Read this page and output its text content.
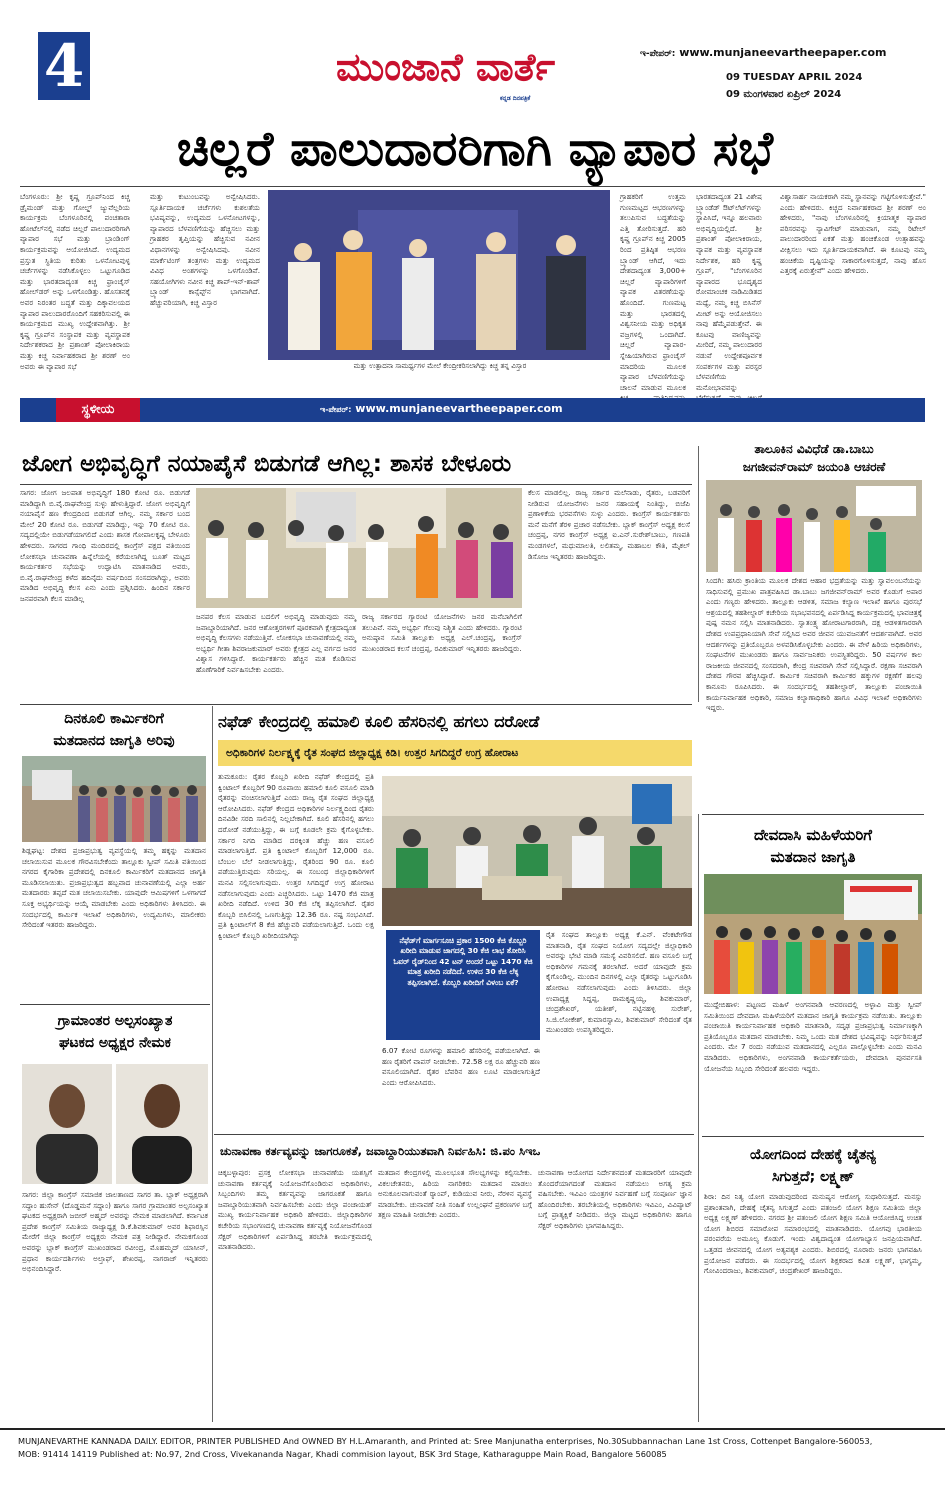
4	ಮುಂಜಾನೆ ವಾರ್ತೆ
ಕನ್ನಡ ದಿನಪತ್ರಿಕೆ
ಇ-ಪೇಪರ್: www.munjaneevartheepaper.com
09 TUESDAY APRIL 2024
09 ಮಂಗಳವಾರ ಏಪ್ರಿಲ್ 2024
ಚಿಲ್ಲರೆ ಪಾಲುದಾರರಿಗಾಗಿ ವ್ಯಾಪಾರ ಸಭೆ
ಬೆಂಗಳೂರು: ಶ್ರೀ ಕೃಷ್ಣ ಗ್ರೂಪ್‌ನಿಂದ ಕಿಚ್ಚ ಡ್ರೈಮಂಡ್ ಮತ್ತು ಗೋಲ್ಡ್ ಜ್ಯುವೆಲ್ಲರಿಯ ಕಾರ್ಯಕ್ರಮ ಬೆಂಗಳೂರಿನಲ್ಲಿ ಪಂಚತಾರಾ ಹೋಟೆಲ್‌ನಲ್ಲಿ ನಡೆದ ಚಿಲ್ಲರೆ ಪಾಲುದಾರರಿಗಾಗಿ ವ್ಯಾಪಾರ ಸಭೆ ಮತ್ತು ಬ್ರಾಂಡಿಂಗ್ ಕಾರ್ಯಕ್ರಮವನ್ನು ಆಯೋಜಿಸಿದೆ. ಉದ್ಯಮದ ಪ್ರಸ್ತುತ ಸ್ಥಿತಿಯ ಕುರಿತು ಒಳನೋಟವುಳ್ಳ ಚರ್ಚೆಗಳನ್ನು ನಡೆಸಿಕೊಳ್ಳಲು ಒಟ್ಟುಗೂಡಿದ ಮತ್ತು ಭಾರತದಾದ್ಯಂತ ಕಿಚ್ಚ ಫ್ರಾಂಚೈಸ್ ಹೋಲ್‌ಡರ್ ಅನ್ನು ಒಳಗೊಂಡಿತ್ತು. ಹೊಸತನಕ್ಕೆ ಅವರ ನಿರಂತರ ಬದ್ಧತೆ ಮತ್ತು ದಿಕ್ಕಾವಲಯದ ವ್ಯಾಪಾರ ಪಾಲುದಾರರೊಂದಿಗೆ ಸಹಕರಿಸುವಲ್ಲಿ ಈ ಕಾರ್ಯಕ್ರಮದ ಮುಖ್ಯ ಉದ್ದೇಶವಾಗಿತ್ತು. ಶ್ರೀ ಕೃಷ್ಣ ಗ್ರೂಪ್‌ನ ಸಂಸ್ಥಾಪಕ ಮತ್ತು ವ್ಯವಸ್ಥಾಪಕ ನಿರ್ದೇಶಕರಾದ ಶ್ರೀ ಪ್ರಶಾಂತ್ ಪೋಲಾಕಿರಾಯ ಮತ್ತು ಕಿಚ್ಚ ನಿರ್ವಾಹಕರಾದ ಶ್ರೀ ಶರಣ್ ಅಂ ಅವರು ಈ ವ್ಯಾಪಾರ ಸಭೆ
ಮತ್ತು ಕುಟುಂಬವನ್ನು ಅನ್ವೇಷಿಸಿದರು. ಸ್ಪೂರ್ತಿದಾಯಕ ಚರ್ಚೆಗಳು ಕುಶಲತೆಯ ಭವಿಷ್ಯವನ್ನು, ಉದ್ಯಮದ ಒಳನೋಟಗಳನ್ನು, ವ್ಯಾಪಾರದ ಬೆಳವಣಿಗೆಯನ್ನು ಹೆಚ್ಚಿಸಲು ಮತ್ತು ಗ್ರಾಹಕರ ತೃಪ್ತಿಯನ್ನು ಹೆಚ್ಚಿಸುವ ನವೀನ ವಿಧಾನಗಳನ್ನು ಅನ್ವೇಷಿಸಿದವು. ನವೀನ ಮಾರ್ಕೆಟಿಂಗ್ ತಂತ್ರಗಳು ಮತ್ತು ಉದ್ಯಮದ ವಿವಿಧ ಅಂಶಗಳನ್ನು ಒಳಗೊಂಡಿವೆ. ಸಹಯೋಗಿಗಳು ನವೀನ ಕಿಚ್ಚ ಶಾಪ್-ಇನ್-ಶಾಪ್ ಬ್ರ್ಯಾಂಡ್ ಕಾನ್ಸೆಪ್ಟ್‌ನ ಭಾಗವಾಗಿದೆ. ಹೆಚ್ಚುವರಿಯಾಗಿ, ಕಿಚ್ಚ ವಿಸ್ತಾರ
ಮತ್ತು ಉತ್ಪಾದನಾ ಸಾಮರ್ಥ್ಯಗಳ ಮೇಲೆ ಕೇಂದ್ರೀಕರಿಸಲಾಗಿದ್ದು ಕಿಚ್ಚ ತನ್ನ ವಿಸ್ತಾರ
ಗ್ರಾಹಕರಿಗೆ ಉತ್ತಮ ಗುಣಮಟ್ಟದ ಆಭರಣಗಳನ್ನು ತಲುಪಿಸುವ ಬದ್ಧತೆಯನ್ನು ಎತ್ತಿ ತೋರಿಸುತ್ತದೆ. ಹರಿ ಕೃಷ್ಣ ಗ್ರೂಪ್‌ನ ಕಿಚ್ಚ 2005 ರಿಂದ ಪ್ರತಿಷ್ಠಿತ ಆಭರಣ ಬ್ರ್ಯಾಂಡ್ ಆಗಿದೆ, ಇದು ದೇಶದಾದ್ಯಂತ 3,000+ ಚಿಲ್ಲರೆ ವ್ಯಾಪಾರಿಗಳಿಗೆ ವ್ಯಾಪಕ ವಿತರಣೆಯನ್ನು ಹೊಂದಿದೆ. ಗುಣಮಟ್ಟ ಮತ್ತು ಭಾರತದಲ್ಲಿ ವಿಶ್ವಸನೀಯ ಮತ್ತು ಅಧಿಕೃತ ವಜ್ರಗಳಲ್ಲಿ ಒಂದಾಗಿದೆ. ಚಿಲ್ಲರೆ ವ್ಯಾಪಾರ-ಸ್ನೇಹಿಯಾಗಿರುವ ಫ್ರಾಂಚೈಸ್ ಮಾದರಿಯ ಮೂಲಕ ವ್ಯಾಪಾರ ಬೆಳವಣಿಗೆಯನ್ನು ಚಾಲನೆ ಮಾಡುವ ಮೂಲಕ
ಭಾರತದಾದ್ಯಂತ 21 ವಿಶೇಷ ಬ್ರ್ಯಾಂಡೆಡ್ ಔಟ್‌ಲೆಟ್‌ಗಳನ್ನು ಸ್ಥಾಪಿಸಿದೆ, ಇನ್ನೂ ಹಲವಾರು ಅಭಿವೃದ್ಧಿಯಲ್ಲಿದೆ. ಶ್ರೀ ಪ್ರಶಾಂತ್ ಪೋಲಾಕಿರಾಯ, ವ್ಯಾಪಕ ಮತ್ತು ವ್ಯವಸ್ಥಾಪಕ ನಿರ್ದೇಶಕ, ಹರಿ ಕೃಷ್ಣ ಗ್ರೂಪ್, "ಬೆಂಗಳೂರಿನ ವ್ಯಾಪಾರದ ಭೂದೃಶ್ಯದ ರೋಮಾಂಚಕ ನಾಡಿಮಿಡಿತದ ಮಧ್ಯೆ, ನಮ್ಮ ಕಿಚ್ಚ ಬಿಸಿನೆಸ್ ಮೀಟ್ ಅನ್ನು ಆಯೋಜಿಸಲು ನಾವು ಹೆಮ್ಮೆಪಡುತ್ತೇವೆ. ಈ ಕೂಟವು ವಾಣಿಜ್ಯವನ್ನು ಮೀರಿದೆ, ನಮ್ಮ ಪಾಲುದಾರರ ನಡುವೆ ಉದ್ದೇಶಪೂರ್ವಕ ಸಂಪರ್ಕಗಳ ಮತ್ತು ಪರಸ್ಪರ ಬೆಳವಣಿಗೆಯ ಮನೋಭಾವವನ್ನು
ವಿಶ್ವಾಸಾರ್ಹ ನಾಯಕರಾಗಿ ನಮ್ಮ ಸ್ಥಾನವನ್ನು ಗಟ್ಟಿಗೊಳಿಸುತ್ತೇವೆ." ಎಂದು ಹೇಳಿದರು. ಕಿಚ್ಚದ ನಿರ್ವಾಹಕರಾದ ಶ್ರೀ ಶರಣ್ ಅಂ ಹೇಳಿದರು, "ನಾವು ಬೆಂಗಳೂರಿನಲ್ಲಿ ಕ್ರಿಯಾತ್ಮಕ ವ್ಯಾಪಾರ ಪರಿಸರವನ್ನು ನ್ಯಾವಿಗೇಟ್ ಮಾಡುವಾಗ, ನಮ್ಮ ರಿಟೇಲ್ ಪಾಲುದಾರರಿಂದ ಏಕತೆ ಮತ್ತು ಹಂಚಿಕೊಂಡ ಉತ್ಸಾಹವನ್ನು ವೀಕ್ಷಿಸಲು ಇದು ಸ್ಪೂರ್ತಿದಾಯಕವಾಗಿದೆ. ಈ ಕೂಟವು ನಮ್ಮ ಹಂಚಿಕೆಯ ದೃಷ್ಟಿಯನ್ನು ಸಾಕಾರಗೊಳಿಸುತ್ತದೆ, ನಾವು ಹೊಸ ಎತ್ತರಕ್ಕೆ ಏರುತ್ತೇವೆ" ಎಂದು ಹೇಳಿದರು.
ಸ್ಥಳೀಯ	ಇ-ಪೇಪರ್: www.munjaneevartheepaper.com
ಜೋಗ ಅಭಿವೃದ್ಧಿಗೆ ನಯಾಪೈಸೆ ಬಿಡುಗಡೆ ಆಗಿಲ್ಲ: ಶಾಸಕ ಬೇಳೂರು
ಸಾಗರ: ಜೋಗ ಜಲಪಾತ ಅಭಿವೃದ್ಧಿಗೆ 180 ಕೋಟಿ ರೂ. ಬಿಡುಗಡೆ ಮಾಡಿದ್ದಾಗಿ ಬಿ.ವೈ.ರಾಘವೇಂದ್ರ ಸುಳ್ಳು ಹೇಳುತ್ತಿದ್ದಾರೆ. ಜೋಗ ಅಭಿವೃದ್ಧಿಗೆ ನಯಾಪೈಸೆ ಹಣ ಕೇಂದ್ರದಿಂದ ಬಿಡುಗಡೆ ಆಗಿಲ್ಲ. ನಮ್ಮ ಸರ್ಕಾರ ಬಂದ ಮೇಲೆ 20 ಕೋಟಿ ರೂ. ಬಿಡುಗಡೆ ಮಾಡಿದ್ದು, ಇನ್ನು 70 ಕೋಟಿ ರೂ. ಸದ್ಯದಲ್ಲಿಯೇ ಬಿಡುಗಡೆಯಾಗಲಿದೆ ಎಂದು ಶಾಸಕ ಗೋಪಾಲಕೃಷ್ಣ ಬೇಳೂರು ಹೇಳಿದರು. ಸಾಗರದ ಗಾಂಧಿ ಮಂದಿರದಲ್ಲಿ ಕಾಂಗ್ರೆಸ್ ಪಕ್ಷದ ವತಿಯಿಂದ ಲೋಕಸಭಾ ಚುನಾವಣಾ ಹಿನ್ನೆಲೆಯಲ್ಲಿ ಕರೆಯಲಾಗಿದ್ದ ಬೂತ್ ಮಟ್ಟದ ಕಾರ್ಯಕರ್ತರ ಸಭೆಯನ್ನು ಉದ್ಘಾಟಿಸಿ ಮಾತನಾಡಿದ ಅವರು, ಬಿ.ವೈ.ರಾಘವೇಂದ್ರ ಕಳೆದ ಹದಿನೈದು ವರ್ಷದಿಂದ ಸಂಸದರಾಗಿದ್ದು, ಅವರು ಮಾಡಿದ ಅಭಿವೃದ್ಧಿ ಕೆಲಸ ಏನು ಎಂದು ಪ್ರಶ್ನಿಸಿದರು. ಹಿಂದಿನ ಸರ್ಕಾರ ಜನಪರವಾಗಿ ಕೆಲಸ ಮಾಡಿಲ್ಲ
ಜನಪರ ಕೆಲಸ ಮಾಡುವ ಬದಲಿಗೆ ಅಭಿವೃದ್ಧಿ ಮಾಡುವುದು ನಮ್ಮ ಜವಾಬ್ದಾರಿಯಾಗಿದೆ. ಜನರ ಆಶೋತ್ತರಗಳಿಗೆ ಪೂರಕವಾಗಿ ಕ್ಷೇತ್ರದಾದ್ಯಂತ ಅಭಿವೃದ್ಧಿ ಕೆಲಸಗಳು ನಡೆಯುತ್ತಿವೆ. ಲೋಕಸಭಾ ಚುನಾವಣೆಯಲ್ಲಿ ನಮ್ಮ ಅಭ್ಯರ್ಥಿ ಗೀತಾ ಶಿವರಾಜಕುಮಾರ್ ಅವರು ಕ್ಷೇತ್ರದ ಎಲ್ಲ ವರ್ಗದ ಜನರ ವಿಶ್ವಾಸ ಗಳಿಸಿದ್ದಾರೆ. ಕಾರ್ಯಕರ್ತರು ಹೆಚ್ಚಿನ ಮತ ಕೊಡಿಸುವ ಹೊಣೆಗಾರಿಕೆ ನಿರ್ವಹಿಸಬೇಕು ಎಂದರು.
ರಾಜ್ಯ ಸರ್ಕಾರದ ಗ್ಯಾರಂಟಿ ಯೋಜನೆಗಳು ಜನರ ಮನೆಬಾಗಿಲಿಗೆ ತಲುಪಿವೆ. ನಮ್ಮ ಅಭ್ಯರ್ಥಿ ಗೆಲುವು ನಿಶ್ಚಿತ ಎಂದು ಹೇಳಿದರು. ಗ್ಯಾರಂಟಿ ಅನುಷ್ಠಾನ ಸಮಿತಿ ತಾಲ್ಲೂಕು ಅಧ್ಯಕ್ಷ ಎಲ್.ಚಂದ್ರಪ್ಪ, ಕಾಂಗ್ರೆಸ್ ಮುಖಂಡರಾದ ಕಲಸೆ ಚಂದ್ರಪ್ಪ, ರವಿಕುಮಾರ್ ಇನ್ನಿತರರು ಹಾಜರಿದ್ದರು.
ಕೆಲಸ ಮಾಡಲಿಲ್ಲ. ರಾಜ್ಯ ಸರ್ಕಾರ ಮಲೆನಾಡು, ರೈತರು, ಬಡವರಿಗೆ ನೀಡಿರುವ ಯೋಜನೆಗಳು ಜನರ ಸಹಾಯಕ್ಕೆ ನಿಂತಿದ್ದು, ಬಿಜೆಪಿ ಪ್ರಣಾಳಿಕೆಯ ಭರವಸೆಗಳು ಸುಳ್ಳು ಎಂದರು. ಕಾಂಗ್ರೆಸ್ ಕಾರ್ಯಕರ್ತರು ಮನೆ ಮನೆಗೆ ತೆರಳಿ ಪ್ರಚಾರ ನಡೆಸಬೇಕು. ಬ್ಲಾಕ್ ಕಾಂಗ್ರೆಸ್ ಅಧ್ಯಕ್ಷ ಕಲಸೆ ಚಂದ್ರಪ್ಪ, ನಗರ ಕಾಂಗ್ರೆಸ್ ಅಧ್ಯಕ್ಷ ಐ.ಎನ್.ಸುರೇಶ್‌ಬಾಬು, ಗಣಪತಿ ಮಂಡಗಳಲೆ, ಮಧುಮಾಲತಿ, ಲಲಿತಮ್ಮ, ಮಹಾಬಲ ಕೌತಿ, ಮೈಕಲ್ ಡಿಸೋಜ ಇನ್ನಿತರರು ಹಾಜರಿದ್ದರು.
ತಾಲೂಕಿನ ವಿವಿಧೆಡೆ ಡಾ.ಬಾಬು
ಜಗಜೀವನ್‌ರಾಮ್ ಜಯಂತಿ ಆಚರಣೆ
ಸಿಂದಗಿ: ಹಸಿರು ಕ್ರಾಂತಿಯ ಮೂಲಕ ದೇಶದ ಆಹಾರ ಭದ್ರತೆಯನ್ನು ಮತ್ತು ಸ್ವಾವಲಂಬನೆಯನ್ನು ಸಾಧಿಸುವಲ್ಲಿ ಪ್ರಮುಖ ಪಾತ್ರವಹಿಸಿದ ಡಾ.ಬಾಬು ಜಗಜೀವನ್‌ರಾಮ್ ಅವರ ಕೊಡುಗೆ ಅಪಾರ ಎಂದು ಗಣ್ಯರು ಹೇಳಿದರು. ತಾಲ್ಲೂಕು ಆಡಳಿತ, ಸಮಾಜ ಕಲ್ಯಾಣ ಇಲಾಖೆ ಹಾಗೂ ಪುರಸಭೆ ಆಶ್ರಯದಲ್ಲಿ ತಹಶೀಲ್ದಾರ್ ಕಚೇರಿಯ ಸಭಾಭವನದಲ್ಲಿ ಏರ್ಪಡಿಸಿದ್ದ ಕಾರ್ಯಕ್ರಮದಲ್ಲಿ ಭಾವಚಿತ್ರಕ್ಕೆ ಪುಷ್ಪ ನಮನ ಸಲ್ಲಿಸಿ ಮಾತನಾಡಿದರು. ಸ್ವಾತಂತ್ರ್ಯ ಹೋರಾಟಗಾರರಾಗಿ, ದಕ್ಷ ಆಡಳಿತಗಾರರಾಗಿ ದೇಶದ ಉಪಪ್ರಧಾನಿಯಾಗಿ ಸೇವೆ ಸಲ್ಲಿಸಿದ ಅವರ ಜೀವನ ಯುವಜನತೆಗೆ ಆದರ್ಶವಾಗಿದೆ. ಅವರ ಆದರ್ಶಗಳನ್ನು ಪ್ರತಿಯೊಬ್ಬರೂ ಅಳವಡಿಸಿಕೊಳ್ಳಬೇಕು ಎಂದರು. ಈ ವೇಳೆ ಹಿರಿಯ ಅಧಿಕಾರಿಗಳು, ಸಂಘಟನೆಗಳ ಮುಖಂಡರು ಹಾಗೂ ಸಾರ್ವಜನಿಕರು ಉಪಸ್ಥಿತರಿದ್ದರು. 50 ವರ್ಷಗಳ ಕಾಲ ರಾಜಕೀಯ ಜೀವನದಲ್ಲಿ ಸಂಸದರಾಗಿ, ಕೇಂದ್ರ ಸಚಿವರಾಗಿ ಸೇವೆ ಸಲ್ಲಿಸಿದ್ದಾರೆ. ರಕ್ಷಣಾ ಸಚಿವರಾಗಿ ದೇಶದ ಗೌರವ ಹೆಚ್ಚಿಸಿದ್ದಾರೆ. ಕಾರ್ಮಿಕ ಸಚಿವರಾಗಿ ಕಾರ್ಮಿಕರ ಹಕ್ಕುಗಳ ರಕ್ಷಣೆಗೆ ಹಲವು ಕಾನೂನು ರೂಪಿಸಿದರು. ಈ ಸಂದರ್ಭದಲ್ಲಿ ತಹಶೀಲ್ದಾರ್, ತಾಲ್ಲೂಕು ಪಂಚಾಯಿತಿ ಕಾರ್ಯನಿರ್ವಾಹಕ ಅಧಿಕಾರಿ, ಸಮಾಜ ಕಲ್ಯಾಣಾಧಿಕಾರಿ ಹಾಗೂ ವಿವಿಧ ಇಲಾಖೆ ಅಧಿಕಾರಿಗಳು ಇದ್ದರು.
ದಿನಕೂಲಿ ಕಾರ್ಮಿಕರಿಗೆ
ಮತದಾನದ ಜಾಗೃತಿ ಅರಿವು
ಶಿಡ್ಲಘಟ್ಟ: ದೇಶದ ಪ್ರಜಾಪ್ರಭುತ್ವ ವ್ಯವಸ್ಥೆಯಲ್ಲಿ ತಮ್ಮ ಹಕ್ಕನ್ನು ಮತದಾನ ಚಲಾಯಿಸುವ ಮೂಲಕ ಗೌರವಿಸಬೇಕೆಂದು ತಾಲ್ಲೂಕು ಸ್ವೀಪ್ ಸಮಿತಿ ವತಿಯಿಂದ ನಗರದ ಕೈಗಾರಿಕಾ ಪ್ರದೇಶದಲ್ಲಿ ದಿನಕೂಲಿ ಕಾರ್ಮಿಕರಿಗೆ ಮತದಾನದ ಜಾಗೃತಿ ಮೂಡಿಸಲಾಯಿತು. ಪ್ರಜಾಪ್ರಭುತ್ವದ ಹಬ್ಬವಾದ ಚುನಾವಣೆಯಲ್ಲಿ ಎಲ್ಲಾ ಅರ್ಹ ಮತದಾರರು ತಪ್ಪದೆ ಮತ ಚಲಾಯಿಸಬೇಕು. ಯಾವುದೇ ಆಮಿಷಗಳಿಗೆ ಒಳಗಾಗದೆ ಸೂಕ್ತ ಅಭ್ಯರ್ಥಿಯನ್ನು ಆಯ್ಕೆ ಮಾಡಬೇಕು ಎಂದು ಅಧಿಕಾರಿಗಳು ತಿಳಿಸಿದರು. ಈ ಸಂದರ್ಭದಲ್ಲಿ ಕಾರ್ಮಿಕ ಇಲಾಖೆ ಅಧಿಕಾರಿಗಳು, ಉದ್ಯಮಿಗಳು, ಮಾಲೀಕರು ಸೇರಿದಂತೆ ಇತರರು ಹಾಜರಿದ್ದರು.
ಗ್ರಾಮಾಂತರ ಅಲ್ಪಸಂಖ್ಯಾತ
ಘಟಕದ ಅಧ್ಯಕ್ಷರ ನೇಮಕ
ಸಾಗರ: ಜಿಲ್ಲಾ ಕಾಂಗ್ರೆಸ್ ಸಮಾಜಿಕ ಜಾಲತಾಣದ ಸಾಗರ ತಾ. ಬ್ಲಾಕ್ ಅಧ್ಯಕ್ಷರಾಗಿ ಸದ್ದಾಂ ಹುಸೇನ್ (ದೊಡ್ಡಮನೆ ಸದ್ದಾಂ) ಹಾಗೂ ಸಾಗರ ಗ್ರಾಮಾಂತರ ಅಲ್ಪಸಂಖ್ಯಾತ ಘಟಕದ ಅಧ್ಯಕ್ಷರಾಗಿ ಜಬೀರ್ ಅಹ್ಮದ್ ಅವರನ್ನು ನೇಮಕ ಮಾಡಲಾಗಿದೆ. ಕರ್ನಾಟಕ ಪ್ರದೇಶ ಕಾಂಗ್ರೆಸ್ ಸಮಿತಿಯ ರಾಜ್ಯಾಧ್ಯಕ್ಷ ಡಿ.ಕೆ.ಶಿವಕುಮಾರ್ ಅವರ ಶಿಫಾರಸ್ಸಿನ ಮೇರೆಗೆ ಜಿಲ್ಲಾ ಕಾಂಗ್ರೆಸ್ ಅಧ್ಯಕ್ಷರು ನೇಮಕ ಪತ್ರ ನೀಡಿದ್ದಾರೆ. ನೇಮಕಗೊಂಡ ಅವರನ್ನು ಬ್ಲಾಕ್ ಕಾಂಗ್ರೆಸ್ ಮುಖಂಡರಾದ ರವೀಂದ್ರ, ಮೊಹಮ್ಮದ್ ಯಾಸೀನ್, ಪ್ರಧಾನ ಕಾರ್ಯದರ್ಶಿಗಳು ಅಲ್ತಾಫ್, ಶೇಖರಪ್ಪ, ನಾಗರಾಜ್ ಇನ್ನಿತರರು ಅಭಿನಂದಿಸಿದ್ದಾರೆ.
ನಫೆಡ್ ಕೇಂದ್ರದಲ್ಲಿ ಹಮಾಲಿ ಕೂಲಿ ಹೆಸರಿನಲ್ಲಿ ಹಗಲು ದರೋಡೆ
ಅಧಿಕಾರಿಗಳ ನಿರ್ಲಕ್ಷ್ಯಕ್ಕೆ ರೈತ ಸಂಘದ ಜಿಲ್ಲಾಧ್ಯಕ್ಷ ಕಿಡಿ। ಉತ್ತರ ಸಿಗದಿದ್ದರೆ ಉಗ್ರ ಹೋರಾಟ
ತುಮಕೂರು: ರೈತರ ಕೊಬ್ಬರಿ ಖರೀದಿ ನಫೆಡ್ ಕೇಂದ್ರದಲ್ಲಿ ಪ್ರತಿ ಕ್ವಿಂಟಾಲ್ ಕೊಬ್ಬರಿಗೆ 90 ರೂಪಾಯಿ ಹಮಾಲಿ ಕೂಲಿ ವಸೂಲಿ ಮಾಡಿ ರೈತರನ್ನು ವಂಚಿಸಲಾಗುತ್ತಿದೆ ಎಂದು ರಾಜ್ಯ ರೈತ ಸಂಘದ ಜಿಲ್ಲಾಧ್ಯಕ್ಷ ಆರೋಪಿಸಿದರು. ನಫೆಡ್ ಕೇಂದ್ರದ ಅಧಿಕಾರಿಗಳ ನಿರ್ಲಕ್ಷ್ಯದಿಂದ ರೈತರು ದಿನವಿಡೀ ಸರದಿ ಸಾಲಿನಲ್ಲಿ ನಿಲ್ಲಬೇಕಾಗಿದೆ. ಕೂಲಿ ಹೆಸರಿನಲ್ಲಿ ಹಗಲು ದರೋಡೆ ನಡೆಯುತ್ತಿದ್ದು, ಈ ಬಗ್ಗೆ ಕೂಡಲೇ ಕ್ರಮ ಕೈಗೊಳ್ಳಬೇಕು. ಸರ್ಕಾರ ನಿಗದಿ ಮಾಡಿದ ದರಕ್ಕಿಂತ ಹೆಚ್ಚು ಹಣ ವಸೂಲಿ ಮಾಡಲಾಗುತ್ತಿದೆ. ಪ್ರತಿ ಕ್ವಿಂಟಾಲ್ ಕೊಬ್ಬರಿಗೆ 12,000 ರೂ. ಬೆಂಬಲ ಬೆಲೆ ನೀಡಲಾಗುತ್ತಿದ್ದು, ರೈತರಿಂದ 90 ರೂ. ಕೂಲಿ ಪಡೆಯುತ್ತಿರುವುದು ಸರಿಯಲ್ಲ. ಈ ಸಂಬಂಧ ಜಿಲ್ಲಾಧಿಕಾರಿಗಳಿಗೆ ಮನವಿ ಸಲ್ಲಿಸಲಾಗುವುದು. ಉತ್ತರ ಸಿಗದಿದ್ದರೆ ಉಗ್ರ ಹೋರಾಟ ನಡೆಸಲಾಗುವುದು ಎಂದು ಎಚ್ಚರಿಸಿದರು. ಒಟ್ಟು 1470 ಕೆಜಿ ಮಾತ್ರ ಖರೀದಿ ನಡೆದಿದೆ. ಉಳಿದ 30 ಕೆಜಿ ಲೆಕ್ಕ ತಪ್ಪಿಸಲಾಗಿದೆ. ರೈತರ ಕೊಬ್ಬರಿ ಬಿಸಿಲಿನಲ್ಲಿ ಒಣಗುತ್ತಿದ್ದು 12.36 ರೂ. ನಷ್ಟ ಸಂಭವಿಸಿದೆ. ಪ್ರತಿ ಕ್ವಿಂಟಾಲ್‌ಗೆ 8 ಕೆಜಿ ಹೆಚ್ಚುವರಿ ಪಡೆಯಲಾಗುತ್ತಿದೆ. ಒಂದು ಲಕ್ಷ ಕ್ವಿಂಟಾಲ್ ಕೊಬ್ಬರಿ ಖರೀದಿಯಾಗಿದ್ದು
ನೆಫೆಡ್‌ಗೆ ಮಾರ್ಗಸೂಚಿ ಪ್ರಕಾರ 1500 ಕೆಜಿ ಕೊಬ್ಬರಿ ಖರೀದಿ ಮಾಡುವ ಜಾಗದಲ್ಲಿ 30 ಕೆಜಿ ಲಾಭ ತೋರಿಸಿ ಓವರ್ ರೈಡ್‌ನಿಂದ 42 ಟನ್ ಅಂದರೆ ಒಟ್ಟು 1470 ಕೆಜಿ ಮಾತ್ರ ಖರೀದಿ ನಡೆದಿದೆ. ಉಳಿದ 30 ಕೆಜಿ ಲೆಕ್ಕ ತಪ್ಪಿಸಲಾಗಿದೆ. ಕೊಬ್ಬರಿ ಖರೀದಿಗೆ ವಿಳಂಬ ಏಕೆ?
ರೈತ ಸಂಘದ ತಾಲ್ಲೂಕು ಅಧ್ಯಕ್ಷ ಕೆ.ಎನ್. ವೆಂಕಟೇಗೌಡ ಮಾತನಾಡಿ, ರೈತ ಸಂಘದ ನಿಯೋಗ ಸದ್ಯದಲ್ಲೇ ಜಿಲ್ಲಾಧಿಕಾರಿ ಅವರನ್ನು ಭೇಟಿ ಮಾಡಿ ಸಮಸ್ಯೆ ವಿವರಿಸಲಿದೆ. ಹಣ ವಸೂಲಿ ಬಗ್ಗೆ ಅಧಿಕಾರಿಗಳ ಗಮನಕ್ಕೆ ತರಲಾಗಿದೆ. ಅದರೆ ಯಾವುದೇ ಕ್ರಮ ಕೈಗೊಂಡಿಲ್ಲ. ಮುಂದಿನ ದಿನಗಳಲ್ಲಿ ಎಲ್ಲಾ ರೈತರನ್ನು ಒಟ್ಟುಗೂಡಿಸಿ ಹೋರಾಟ ನಡೆಸಲಾಗುವುದು ಎಂದು ತಿಳಿಸಿದರು. ಜಿಲ್ಲಾ ಉಪಾಧ್ಯಕ್ಷ ಸಿದ್ದಪ್ಪ, ರಾಮಕೃಷ್ಣಯ್ಯ, ಶಿವಕುಮಾರ್, ಚಂದ್ರಶೇಖರ್, ಯತೀಶ್, ನಟ್ಟಿನಹಳ್ಳಿ ಸುರೇಶ್, ಸಿ.ಜಿ.ಲೋಕೇಶ್, ಕುಮಾರಸ್ವಾಮಿ, ಶಿವಕುಮಾರ್ ಸೇರಿದಂತೆ ರೈತ ಮುಖಂಡರು ಉಪಸ್ಥಿತರಿದ್ದರು.
6.07 ಕೋಟಿ ರೂಗಳನ್ನು ಹಮಾಲಿ ಹೆಸರಿನಲ್ಲಿ ಪಡೆಯಲಾಗಿದೆ. ಈ ಹಣ ರೈತರಿಗೆ ವಾಪಸ್ ನೀಡಬೇಕು. 72.58 ಲಕ್ಷ ರೂ ಹೆಚ್ಚುವರಿ ಹಣ ವಸೂಲಿಯಾಗಿದೆ. ರೈತರ ಬೆವರಿನ ಹಣ ಲೂಟಿ ಮಾಡಲಾಗುತ್ತಿದೆ ಎಂದು ಆರೋಪಿಸಿದರು.
ದೇವದಾಸಿ ಮಹಿಳೆಯರಿಗೆ
ಮತದಾನ ಜಾಗೃತಿ
ಮುದ್ದೇಬಿಹಾಳ: ಪಟ್ಟಣದ ಮಹಿಳೆ ಅಂಗನವಾಡಿ ಆವರಣದಲ್ಲಿ ಅಳ್ಳಾವಿ ಮತ್ತು ಸ್ವೀಪ್ ಸಮಿತಿಯಿಂದ ದೇವದಾಸಿ ಮಹಿಳೆಯರಿಗೆ ಮತದಾನ ಜಾಗೃತಿ ಕಾರ್ಯಕ್ರಮ ನಡೆಯಿತು. ತಾಲ್ಲೂಕು ಪಂಚಾಯಿತಿ ಕಾರ್ಯನಿರ್ವಾಹಕ ಅಧಿಕಾರಿ ಮಾತನಾಡಿ, ಸದೃಢ ಪ್ರಜಾಪ್ರಭುತ್ವ ನಿರ್ಮಾಣಕ್ಕಾಗಿ ಪ್ರತಿಯೊಬ್ಬರೂ ಮತದಾನ ಮಾಡಬೇಕು. ನಿಮ್ಮ ಒಂದು ಮತ ದೇಶದ ಭವಿಷ್ಯವನ್ನು ನಿರ್ಧರಿಸುತ್ತದೆ ಎಂದರು. ಮೇ 7 ರಂದು ನಡೆಯುವ ಮತದಾನದಲ್ಲಿ ಎಲ್ಲರೂ ಪಾಲ್ಗೊಳ್ಳಬೇಕು ಎಂದು ಮನವಿ ಮಾಡಿದರು. ಅಧಿಕಾರಿಗಳು, ಅಂಗನವಾಡಿ ಕಾರ್ಯಕರ್ತೆಯರು, ದೇವದಾಸಿ ಪುನರ್ವಸತಿ ಯೋಜನೆಯ ಸಿಬ್ಬಂದಿ ಸೇರಿದಂತೆ ಹಲವರು ಇದ್ದರು.
ಯೋಗದಿಂದ ದೇಹಕ್ಕೆ ಚೈತನ್ಯ
ಸಿಗುತ್ತದೆ; ಲಕ್ಷ್ಮಣ್
ಶಿರಾ: ದಿನ ನಿತ್ಯ ಯೋಗ ಮಾಡುವುದರಿಂದ ಮನುಷ್ಯನ ಆರೋಗ್ಯ ಸುಧಾರಿಸುತ್ತದೆ. ಮನಸ್ಸು ಪ್ರಶಾಂತವಾಗಿ, ದೇಹಕ್ಕೆ ಚೈತನ್ಯ ಸಿಗುತ್ತದೆ ಎಂದು ಪತಂಜಲಿ ಯೋಗ ಶಿಕ್ಷಣ ಸಮಿತಿಯ ಜಿಲ್ಲಾ ಅಧ್ಯಕ್ಷ ಲಕ್ಷ್ಮಣ್ ಹೇಳಿದರು. ನಗರದ ಶ್ರೀ ಪತಂಜಲಿ ಯೋಗ ಶಿಕ್ಷಣ ಸಮಿತಿ ಆಯೋಜಿಸಿದ್ದ ಉಚಿತ ಯೋಗ ಶಿಬಿರದ ಸಮಾರೋಪ ಸಮಾರಂಭದಲ್ಲಿ ಮಾತನಾಡಿದರು. ಯೋಗವು ಭಾರತೀಯ ಪರಂಪರೆಯ ಅಮೂಲ್ಯ ಕೊಡುಗೆ. ಇಂದು ವಿಶ್ವದಾದ್ಯಂತ ಯೋಗಾಭ್ಯಾಸ ಜನಪ್ರಿಯವಾಗಿದೆ. ಒತ್ತಡದ ಜೀವನದಲ್ಲಿ ಯೋಗ ಅತ್ಯವಶ್ಯಕ ಎಂದರು. ಶಿಬಿರದಲ್ಲಿ ನೂರಾರು ಜನರು ಭಾಗವಹಿಸಿ ಪ್ರಯೋಜನ ಪಡೆದರು. ಈ ಸಂದರ್ಭದಲ್ಲಿ ಯೋಗ ಶಿಕ್ಷಕರಾದ ಕವಿತ ಲಕ್ಷ್ಮಣ್, ಭಾಗ್ಯಮ್ಮ, ಗೋವಿಂದರಾಜು, ಶಿವಕುಮಾರ್, ಚಂದ್ರಶೇಖರ್ ಹಾಜರಿದ್ದರು.
ಚುನಾವಣಾ ಕರ್ತವ್ಯವನ್ನು ಜಾಗರೂಕತೆ, ಜವಾಬ್ದಾರಿಯುತವಾಗಿ ನಿರ್ವಹಿಸಿ: ಜಿ.ಪಂ ಸಿಇಒ
ಚಿಕ್ಕಬಳ್ಳಾಪುರ: ಪ್ರಸಕ್ತ ಲೋಕಸಭಾ ಚುನಾವಣೆಯ ಯಶಸ್ಸಿಗೆ ಚುನಾವಣಾ ಕರ್ತವ್ಯಕ್ಕೆ ನಿಯೋಜನೆಗೊಂಡಿರುವ ಅಧಿಕಾರಿಗಳು, ಸಿಬ್ಬಂದಿಗಳು ತಮ್ಮ ಕರ್ತವ್ಯವನ್ನು ಜಾಗರೂಕತೆ ಹಾಗೂ ಜವಾಬ್ದಾರಿಯುತವಾಗಿ ನಿರ್ವಹಿಸಬೇಕು ಎಂದು ಜಿಲ್ಲಾ ಪಂಚಾಯತ್ ಮುಖ್ಯ ಕಾರ್ಯನಿರ್ವಾಹಕ ಅಧಿಕಾರಿ ಹೇಳಿದರು. ಜಿಲ್ಲಾಧಿಕಾರಿಗಳ ಕಚೇರಿಯ ಸಭಾಂಗಣದಲ್ಲಿ ಚುನಾವಣಾ ಕರ್ತವ್ಯಕ್ಕೆ ನಿಯೋಜನೆಗೊಂಡ ಸೆಕ್ಟರ್ ಅಧಿಕಾರಿಗಳಿಗೆ ಏರ್ಪಡಿಸಿದ್ದ ತರಬೇತಿ ಕಾರ್ಯಕ್ರಮದಲ್ಲಿ ಮಾತನಾಡಿದರು.
ಮತದಾನ ಕೇಂದ್ರಗಳಲ್ಲಿ ಮೂಲಭೂತ ಸೌಲಭ್ಯಗಳನ್ನು ಕಲ್ಪಿಸಬೇಕು. ವಿಕಲಚೇತನರು, ಹಿರಿಯ ನಾಗರಿಕರು ಮತದಾನ ಮಾಡಲು ಅನುಕೂಲವಾಗುವಂತೆ ರ್‍ಯಾಂಪ್, ಕುಡಿಯುವ ನೀರು, ನೆರಳಿನ ವ್ಯವಸ್ಥೆ ಮಾಡಬೇಕು. ಚುನಾವಣೆ ನೀತಿ ಸಂಹಿತೆ ಉಲ್ಲಂಘನೆ ಪ್ರಕರಣಗಳ ಬಗ್ಗೆ ತಕ್ಷಣ ಮಾಹಿತಿ ನೀಡಬೇಕು ಎಂದರು.
ಚುನಾವಣಾ ಆಯೋಗದ ನಿರ್ದೇಶನದಂತೆ ಮತದಾರರಿಗೆ ಯಾವುದೇ ತೊಂದರೆಯಾಗದಂತೆ ಮತದಾನ ನಡೆಯಲು ಅಗತ್ಯ ಕ್ರಮ ವಹಿಸಬೇಕು. ಇವಿಎಂ ಯಂತ್ರಗಳ ನಿರ್ವಹಣೆ ಬಗ್ಗೆ ಸಂಪೂರ್ಣ ಜ್ಞಾನ ಹೊಂದಿರಬೇಕು. ತರಬೇತಿಯಲ್ಲಿ ಅಧಿಕಾರಿಗಳು ಇವಿಎಂ, ವಿವಿಪ್ಯಾಟ್ ಬಗ್ಗೆ ಪ್ರಾತ್ಯಕ್ಷಿಕೆ ನೀಡಿದರು. ಜಿಲ್ಲಾ ಮಟ್ಟದ ಅಧಿಕಾರಿಗಳು ಹಾಗೂ ಸೆಕ್ಟರ್ ಅಧಿಕಾರಿಗಳು ಭಾಗವಹಿಸಿದ್ದರು.
MUNJANEVARTHE KANNADA DAILY. EDITOR, PRINTER PUBLISHED And OWNED BY H.L.Amaranth, and Printed at: Sree Manjunatha enterprises, No.30Subbannachan Lane 1st Cross, Cottenpet Bangalore-560053,
MOB: 91414 14119 Published at: No.97, 2nd Cross, Vivekananda Nagar, Khadi commision layout, BSK 3rd Stage, Katharaguppe Main Road, Bangalore 560085
